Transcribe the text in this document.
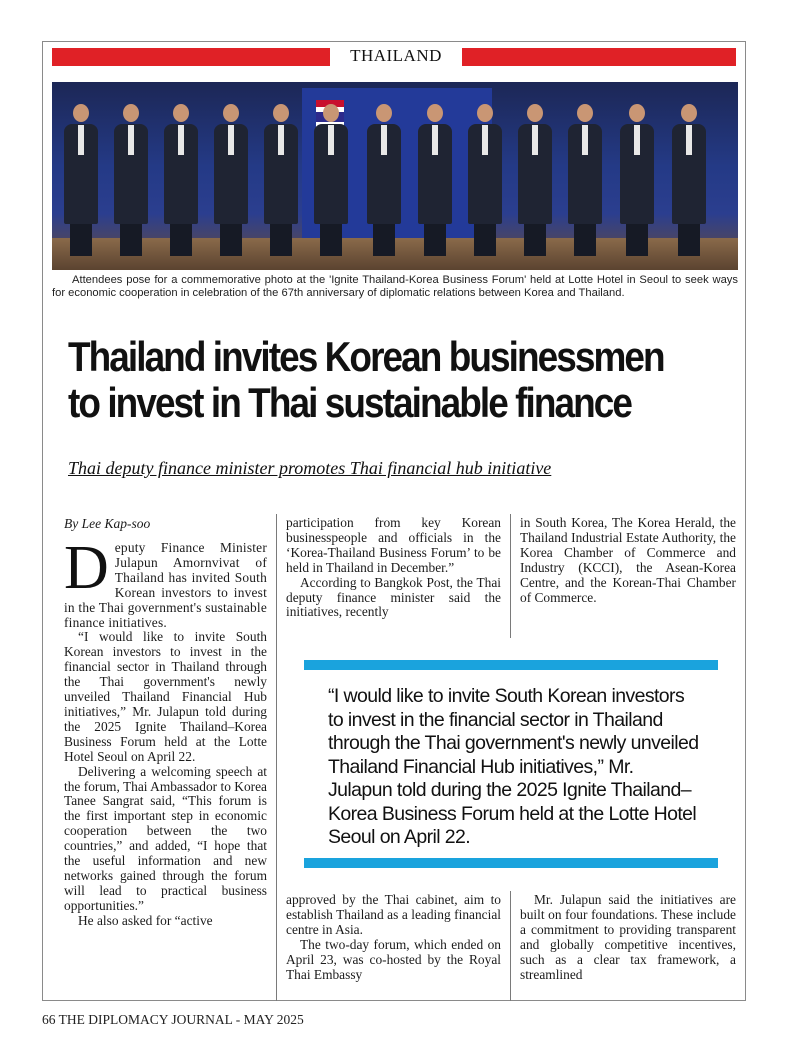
THAILAND
Attendees pose for a commemorative photo at the 'Ignite Thailand-Korea Business Forum' held at Lotte Hotel in Seoul to seek ways for economic cooperation in celebration of the 67th anniversary of diplomatic relations between Korea and Thailand.
Thailand invites Korean businessmen
to invest in Thai sustainable finance
Thai deputy finance minister promotes Thai financial hub initiative
By Lee Kap-soo
D eputy Finance Minister Julapun Amornvivat of Thailand has invited South Korean investors to invest in the Thai government's sustainable finance initiatives.

“I would like to invite South Korean investors to invest in the financial sector in Thailand through the Thai government's newly unveiled Thailand Financial Hub initiatives,” Mr. Julapun told during the 2025 Ignite Thailand–Korea Business Forum held at the Lotte Hotel Seoul on April 22.

Delivering a welcoming speech at the forum, Thai Ambassador to Korea Tanee Sangrat said, “This forum is the first important step in economic cooperation between the two countries,” and added, “I hope that the useful information and new networks gained through the forum will lead to practical business opportunities.”

He also asked for “active

participation from key Korean businesspeople and officials in the ‘Korea-Thailand Business Forum’ to be held in Thailand in December.”

According to Bangkok Post, the Thai deputy finance minister said the initiatives, recently

in South Korea, The Korea Herald, the Thailand Industrial Estate Authority, the Korea Chamber of Commerce and Industry (KCCI), the Asean-Korea Centre, and the Korean-Thai Chamber of Commerce.

“I would like to invite South Korean investors to invest in the financial sector in Thailand through the Thai government's newly unveiled Thailand Financial Hub initiatives,” Mr. Julapun told during the 2025 Ignite Thailand–Korea Business Forum held at the Lotte Hotel Seoul on April 22.

approved by the Thai cabinet, aim to establish Thailand as a leading financial centre in Asia.

The two-day forum, which ended on April 23, was co-hosted by the Royal Thai Embassy

Mr. Julapun said the initiatives are built on four foundations. These include a commitment to providing transparent and globally competitive incentives, such as a clear tax framework, a streamlined

66 THE DIPLOMACY JOURNAL - MAY 2025
